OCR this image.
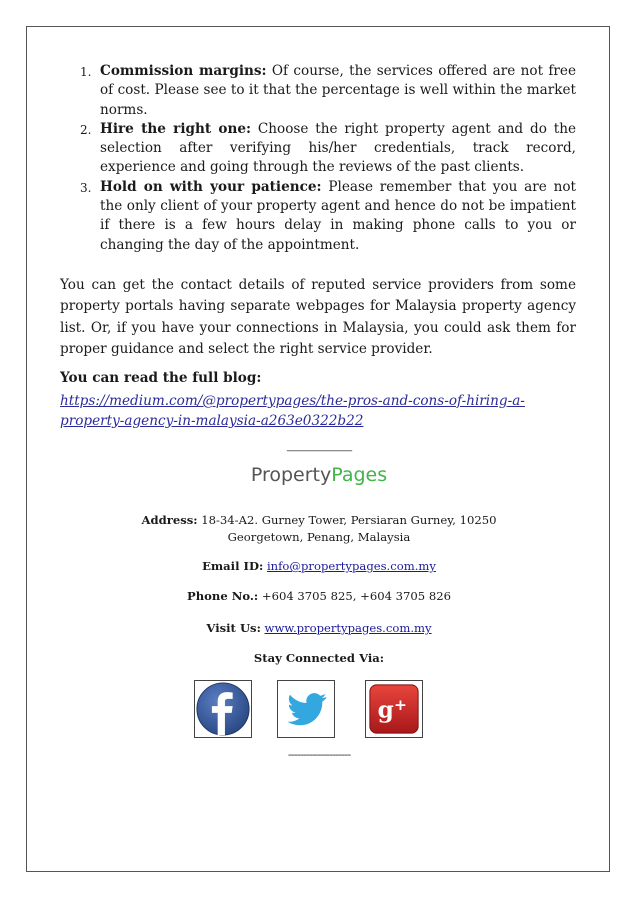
1. Commission margins: Of course, the services offered are not free of cost. Please see to it that the percentage is well within the market norms.
2. Hire the right one: Choose the right property agent and do the selection after verifying his/her credentials, track record, experience and going through the reviews of the past clients.
3. Hold on with your patience: Please remember that you are not the only client of your property agent and hence do not be impatient if there is a few hours delay in making phone calls to you or changing the day of the appointment.

You can get the contact details of reputed service providers from some property portals having separate webpages for Malaysia property agency list. Or, if you have your connections in Malaysia, you could ask them for proper guidance and select the right service provider.

You can read the full blog:
https://medium.com/@propertypages/the-pros-and-cons-of-hiring-a-property-agency-in-malaysia-a263e0322b22
-----------------------------
PropertyPages
Address: 18-34-A2. Gurney Tower, Persiaran Gurney, 10250
Georgetown, Penang, Malaysia
Email ID: info@propertypages.com.my
Phone No.: +604 3705 825, +604 3705 826
Visit Us: www.propertypages.com.my
Stay Connected Via:
g +
---------------------
